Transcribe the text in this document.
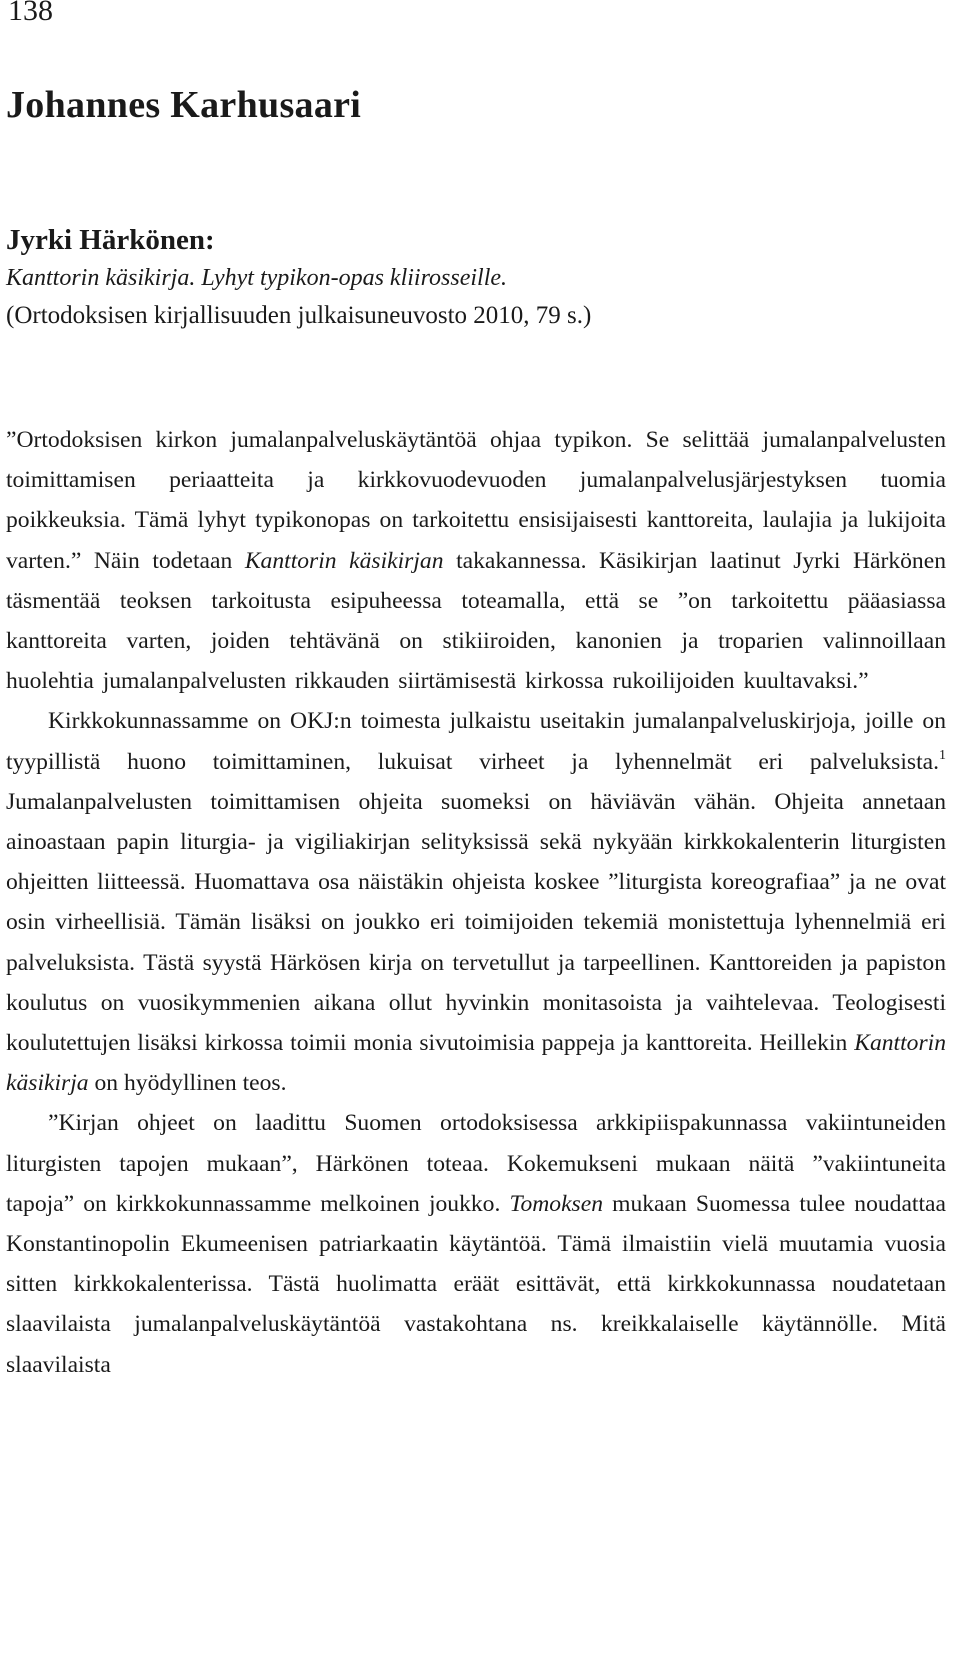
138
Johannes Karhusaari
Jyrki Härkönen:
Kanttorin käsikirja. Lyhyt typikon-opas kliirosseille.
(Ortodoksisen kirjallisuuden julkaisuneuvosto 2010, 79 s.)

”Ortodoksisen kirkon jumalanpalveluskäytäntöä ohjaa typikon. Se selittää jumalanpalvelusten toimittamisen periaatteita ja kirkkovuodevuoden jumalanpalvelusjärjestyksen tuomia poikkeuksia. Tämä lyhyt typikonopas on tarkoitettu ensisijaisesti kanttoreita, laulajia ja lukijoita varten.” Näin todetaan Kanttorin käsikirjan takakannessa. Käsikirjan laatinut Jyrki Härkönen täsmentää teoksen tarkoitusta esipuheessa toteamalla, että se ”on tarkoitettu pääasiassa kanttoreita varten, joiden tehtävänä on stikiiroiden, kanonien ja troparien valinnoillaan huolehtia jumalanpalvelusten rikkauden siirtämisestä kirkossa rukoilijoiden kuultavaksi.”

Kirkkokunnassamme on OKJ:n toimesta julkaistu useitakin jumalanpalveluskirjoja, joille on tyypillistä huono toimittaminen, lukuisat virheet ja lyhennelmät eri palveluksista.$^1$ Jumalanpalvelusten toimittamisen ohjeita suomeksi on häviävän vähän. Ohjeita annetaan ainoastaan papin liturgia- ja vigiliakirjan selityksissä sekä nykyään kirkkokalenterin liturgisten ohjeitten liitteessä. Huomattava osa näistäkin ohjeista koskee ”liturgista koreografiaa” ja ne ovat osin virheellisiä. Tämän lisäksi on joukko eri toimijoiden tekemiä monistettuja lyhennelmiä eri palveluksista. Tästä syystä Härkösen kirja on tervetullut ja tarpeellinen. Kanttoreiden ja papiston koulutus on vuosikymmenien aikana ollut hyvinkin monitasoista ja vaihtelevaa. Teologisesti koulutettujen lisäksi kirkossa toimii monia sivutoimisia pappeja ja kanttoreita. Heillekin Kanttorin käsikirja on hyödyllinen teos.

”Kirjan ohjeet on laadittu Suomen ortodoksisessa arkkipiispakunnassa vakiintuneiden liturgisten tapojen mukaan”, Härkönen toteaa. Kokemukseni mukaan näitä ”vakiintuneita tapoja” on kirkkokunnassamme melkoinen joukko. Tomoksen mukaan Suomessa tulee noudattaa Konstantinopolin Ekumeenisen patriarkaatin käytäntöä. Tämä ilmaistiin vielä muutamia vuosia sitten kirkkokalenterissa. Tästä huolimatta eräät esittävät, että kirkkokunnassa noudatetaan slaavilaista jumalanpalveluskäytäntöä vastakohtana ns. kreikkalaiselle käytännölle. Mitä slaavilaista
